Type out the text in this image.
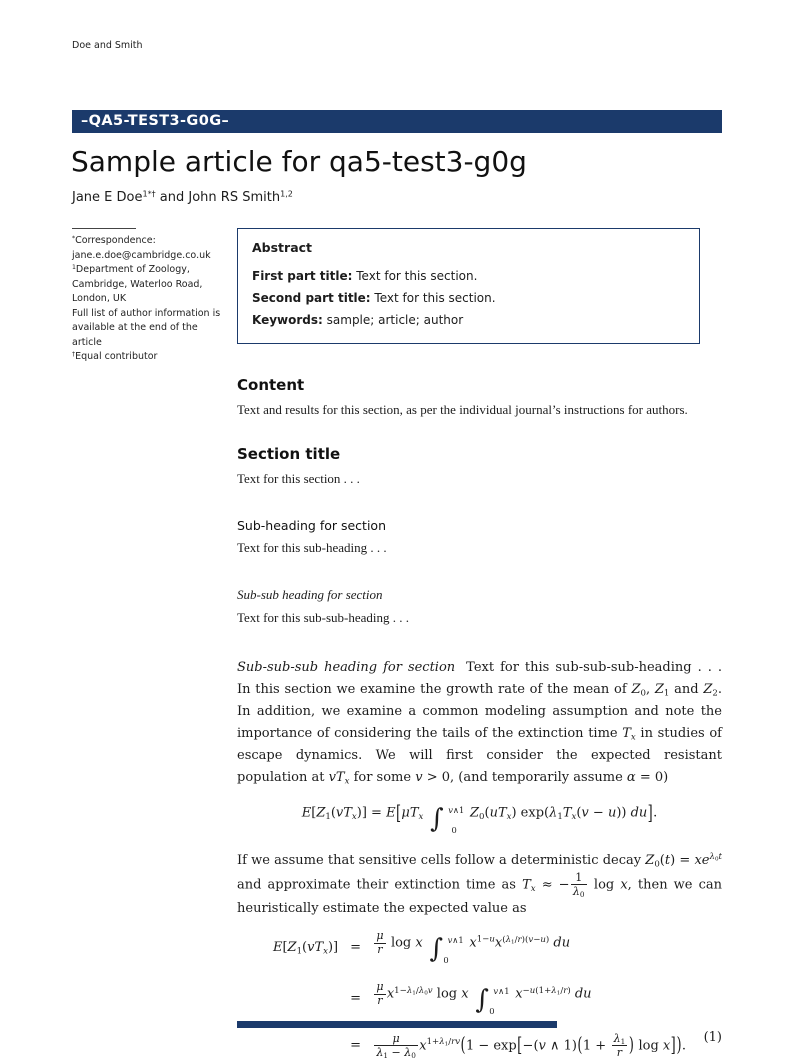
Doe and Smith
–QA5-TEST3-G0G–
Sample article for qa5-test3-g0g
Jane E Doe$^{1*\dagger}$ and John RS Smith$^{1,2}$
*Correspondence:
jane.e.doe@cambridge.co.uk
$^1$Department of Zoology,
Cambridge, Waterloo Road,
London, UK
Full list of author information is
available at the end of the article
†Equal contributor
Abstract
First part title: Text for this section.
Second part title: Text for this section.
Keywords: sample; article; author
Content

Text and results for this section, as per the individual journal’s instructions for authors.

Section title

Text for this section . . .

Sub-heading for section

Text for this sub-heading . . .

Sub-sub heading for section

Text for this sub-sub-heading . . .

Sub-sub-sub heading for section Text for this sub-sub-sub-heading . . . In this section we examine the growth rate of the mean of $Z_0$, $Z_1$ and $Z_2$. In addition, we examine a common modeling assumption and note the importance of considering the tails of the extinction time $T_x$ in studies of escape dynamics. We will first consider the expected resistant population at $vT_x$ for some v > 0, (and temporarily assume α = 0)

$E[Z_1(vT_x)] = E[\mu T_x$ ∫ v∧1
0
$Z_0(uT_x) \exp(\lambda_1T_x(v - u))$ du].

If we assume that sensitive cells follow a deterministic decay $Z_0(t) = xe^{\lambda_0t}$ and approximate their extinction time as $T_x$ ≈ − $\frac{1}{\lambda_0}$ log x, then we can heuristically estimate the expected value as

$E[Z_1(vT_x)] = \frac{\mu}{r}$ log x ∫ v∧1
0
$x^{1-u}x^{(\lambda_1/r)(v-u)}$ du
= $\frac{\mu}{r} x^{1-\lambda_1/\lambda_0v}$ log x ∫ v∧1
0
$x^{-u(1+\lambda_1/r)}$ du
= $\frac{\mu}{\lambda_1 - \lambda_0} x^{1+\lambda_1/rv}(1 - \exp[-(v$ ∧ $1)(1 + \frac{\lambda_1}{r}$ ) log x]).
(1)
